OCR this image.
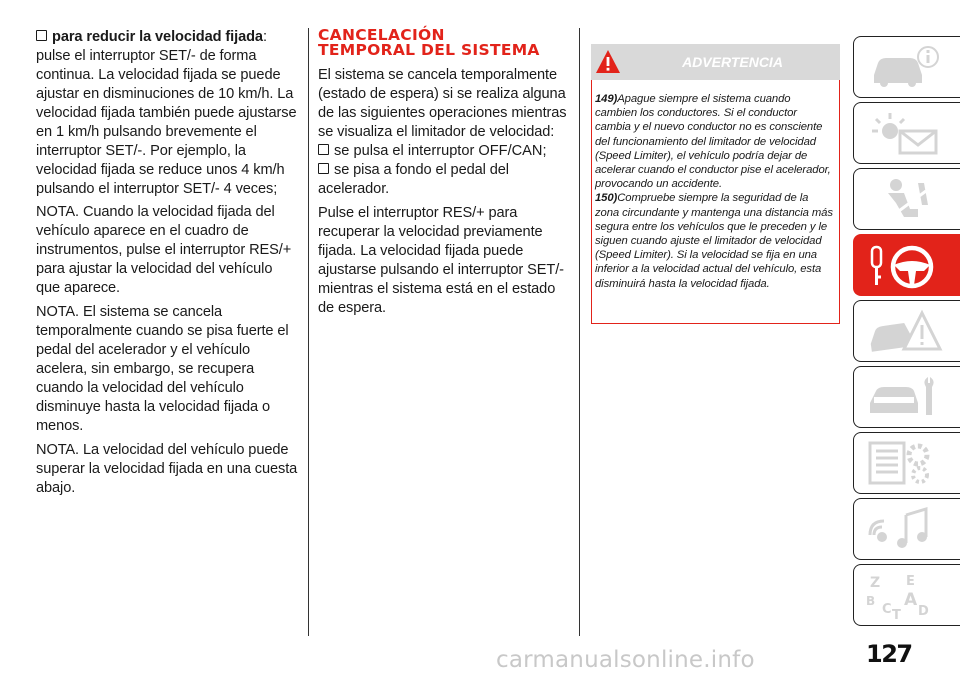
para reducir la velocidad fijada: pulse el interruptor SET/- de forma continua. La velocidad fijada se puede ajustar en disminuciones de 10 km/h. La velocidad fijada también puede ajustarse en 1 km/h pulsando brevemente el interruptor SET/-. Por ejemplo, la velocidad fijada se reduce unos 4 km/h pulsando el interruptor SET/- 4 veces;

NOTA. Cuando la velocidad fijada del vehículo aparece en el cuadro de instrumentos, pulse el interruptor RES/+ para ajustar la velocidad del vehículo que aparece.

NOTA. El sistema se cancela temporalmente cuando se pisa fuerte el pedal del acelerador y el vehículo acelera, sin embargo, se recupera cuando la velocidad del vehículo disminuye hasta la velocidad fijada o menos.

NOTA. La velocidad del vehículo puede superar la velocidad fijada en una cuesta abajo.

CANCELACIÓN
TEMPORAL DEL SISTEMA

El sistema se cancela temporalmente (estado de espera) si se realiza alguna de las siguientes operaciones mientras se visualiza el limitador de velocidad:

se pulsa el interruptor OFF/CAN;

se pisa a fondo el pedal del acelerador.

Pulse el interruptor RES/+ para recuperar la velocidad previamente fijada. La velocidad fijada puede ajustarse pulsando el interruptor SET/- mientras el sistema está en el estado de espera.

ADVERTENCIA

149)Apague siempre el sistema cuando cambien los conductores. Si el conductor cambia y el nuevo conductor no es consciente del funcionamiento del limitador de velocidad (Speed Limiter), el vehículo podría dejar de acelerar cuando el conductor pise el acelerador, provocando un accidente.

150)Compruebe siempre la seguridad de la zona circundante y mantenga una distancia más segura entre los vehículos que le preceden y le siguen cuando ajuste el limitador de velocidad (Speed Limiter). Si la velocidad se fija en una inferior a la velocidad actual del vehículo, esta disminuirá hasta la velocidad fijada.

Z E
B A
C D
T
carmanualsonline.info	127
